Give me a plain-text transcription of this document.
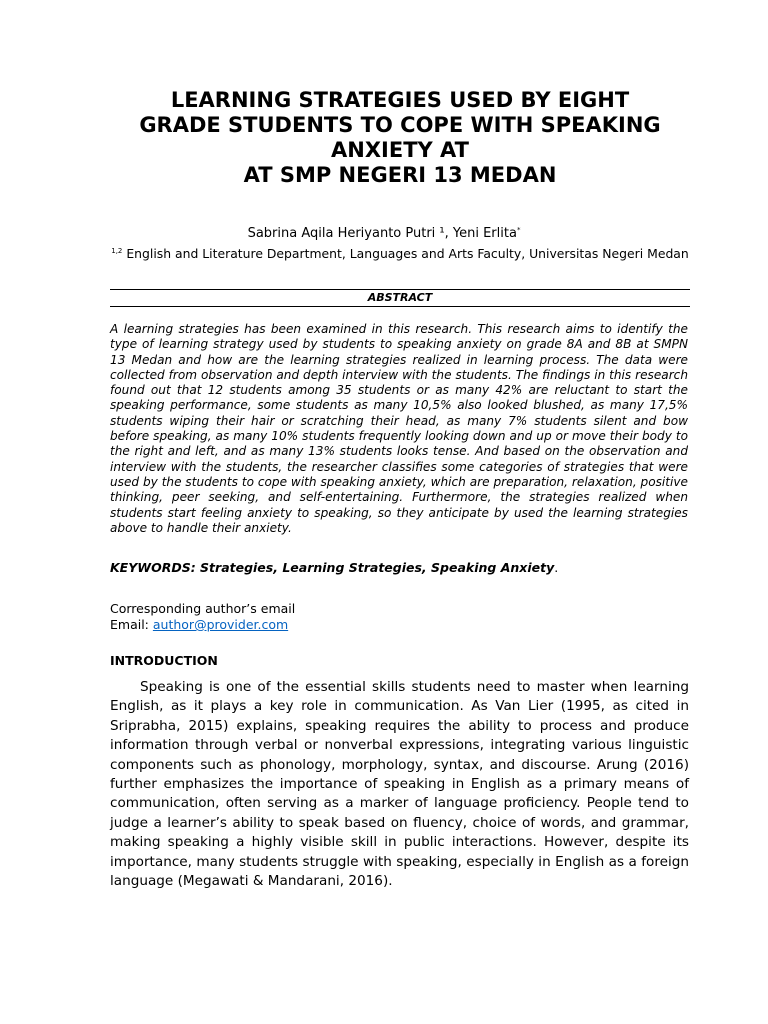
LEARNING STRATEGIES USED BY EIGHT
GRADE STUDENTS TO COPE WITH SPEAKING
ANXIETY AT
AT SMP NEGERI 13 MEDAN
Sabrina Aqila Heriyanto Putri ¹, Yeni Erlita*
$^{1,2}$ English and Literature Department, Languages and Arts Faculty, Universitas Negeri Medan
ABSTRACT
A learning strategies has been examined in this research. This research aims to identify the type of learning strategy used by students to speaking anxiety on grade 8A and 8B at SMPN 13 Medan and how are the learning strategies realized in learning process. The data were collected from observation and depth interview with the students. The findings in this research found out that 12 students among 35 students or as many 42% are reluctant to start the speaking performance, some students as many 10,5% also looked blushed, as many 17,5% students wiping their hair or scratching their head, as many 7% students silent and bow before speaking, as many 10% students frequently looking down and up or move their body to the right and left, and as many 13% students looks tense. And based on the observation and interview with the students, the researcher classifies some categories of strategies that were used by the students to cope with speaking anxiety, which are preparation, relaxation, positive thinking, peer seeking, and self-entertaining. Furthermore, the strategies realized when students start feeling anxiety to speaking, so they anticipate by used the learning strategies above to handle their anxiety.
KEYWORDS: Strategies, Learning Strategies, Speaking Anxiety.
Corresponding author’s email
Email: author@provider.com
INTRODUCTION
Speaking is one of the essential skills students need to master when learning English, as it plays a key role in communication. As Van Lier (1995, as cited in Sriprabha, 2015) explains, speaking requires the ability to process and produce information through verbal or nonverbal expressions, integrating various linguistic components such as phonology, morphology, syntax, and discourse. Arung (2016) further emphasizes the importance of speaking in English as a primary means of communication, often serving as a marker of language proficiency. People tend to judge a learner’s ability to speak based on fluency, choice of words, and grammar, making speaking a highly visible skill in public interactions. However, despite its importance, many students struggle with speaking, especially in English as a foreign language (Megawati & Mandarani, 2016).
